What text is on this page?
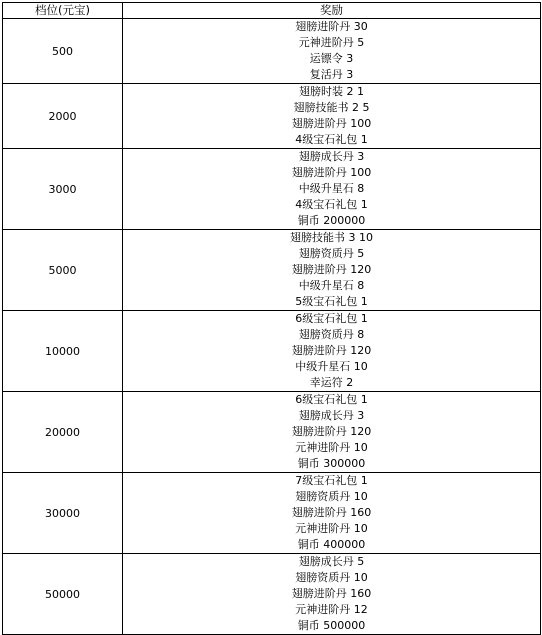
档位(元宝)	奖励
500	翅膀进阶丹 30
元神进阶丹 5
运镖令 3
复活丹 3

2000	翅膀时装 2 1
翅膀技能书 2 5
翅膀进阶丹 100
4级宝石礼包 1

3000	翅膀成长丹 3
翅膀进阶丹 100
中级升星石 8
4级宝石礼包 1
铜币 200000

5000	翅膀技能书 3 10
翅膀资质丹 5
翅膀进阶丹 120
中级升星石 8
5级宝石礼包 1

10000	6级宝石礼包 1
翅膀资质丹 8
翅膀进阶丹 120
中级升星石 10
幸运符 2

20000	6级宝石礼包 1
翅膀成长丹 3
翅膀进阶丹 120
元神进阶丹 10
铜币 300000

30000	7级宝石礼包 1
翅膀资质丹 10
翅膀进阶丹 160
元神进阶丹 10
铜币 400000

50000	翅膀成长丹 5
翅膀资质丹 10
翅膀进阶丹 160
元神进阶丹 12
铜币 500000
